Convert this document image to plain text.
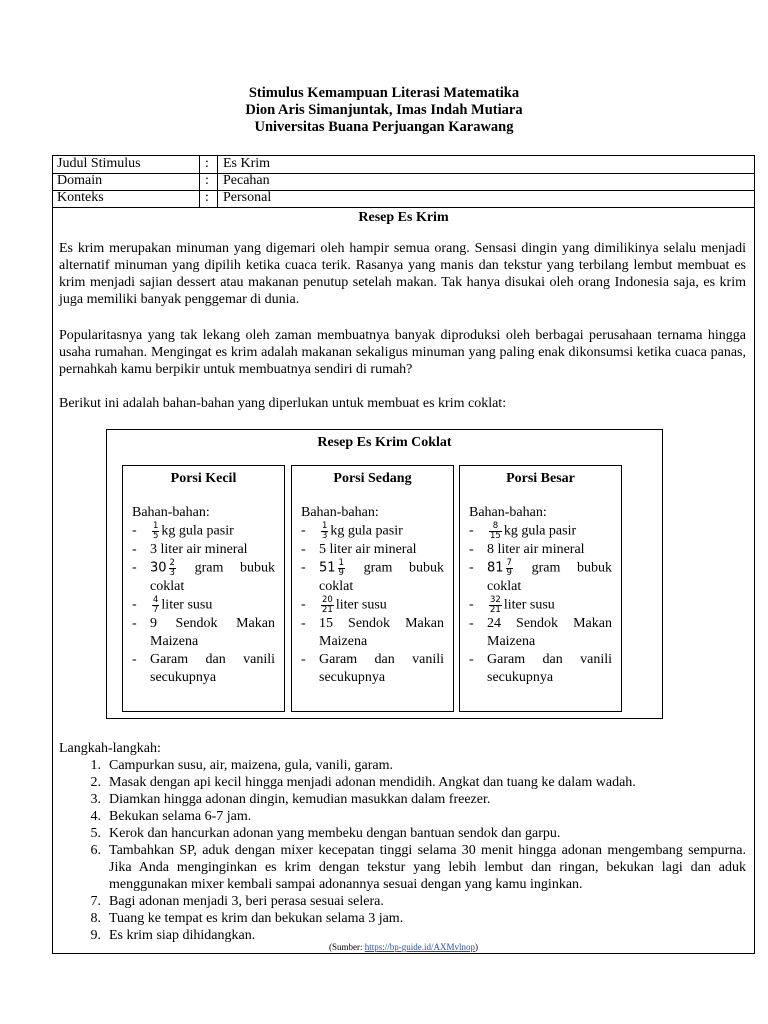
Stimulus Kemampuan Literasi Matematika
Dion Aris Simanjuntak, Imas Indah Mutiara
Universitas Buana Perjuangan Karawang
Judul Stimulus	: Es Krim
Domain	: Pecahan
Konteks	: Personal
Resep Es Krim

Es krim merupakan minuman yang digemari oleh hampir semua orang. Sensasi dingin yang dimilikinya selalu menjadi alternatif minuman yang dipilih ketika cuaca terik. Rasanya yang manis dan tekstur yang terbilang lembut membuat es krim menjadi sajian dessert atau makanan penutup setelah makan. Tak hanya disukai oleh orang Indonesia saja, es krim juga memiliki banyak penggemar di dunia.

Popularitasnya yang tak lekang oleh zaman membuatnya banyak diproduksi oleh berbagai perusahaan ternama hingga usaha rumahan. Mengingat es krim adalah makanan sekaligus minuman yang paling enak dikonsumsi ketika cuaca panas, pernahkah kamu berpikir untuk membuatnya sendiri di rumah?

Berikut ini adalah bahan-bahan yang diperlukan untuk membuat es krim coklat:

Resep Es Krim Coklat
Porsi Kecil
Bahan-bahan:
-	$\frac{1}{5}$ kg gula pasir
- 3 liter air mineral
-	$30 \frac{2}{3}$ gram bubuk coklat
-	$\frac{4}{7}$ liter susu
- 9 Sendok Makan Maizena
- Garam dan vanili secukupnya
Porsi Sedang
Bahan-bahan:
-	$\frac{1}{3}$ kg gula pasir
- 5 liter air mineral
-	$51 \frac{1}{9}$ gram bubuk coklat
-	$\frac{20}{21}$ liter susu
- 15 Sendok Makan Maizena
- Garam dan vanili secukupnya
Porsi Besar
Bahan-bahan:
-	$\frac{8}{15}$ kg gula pasir
- 8 liter air mineral
-	$81 \frac{7}{9}$ gram bubuk coklat
-	$\frac{32}{21}$ liter susu
- 24 Sendok Makan Maizena
- Garam dan vanili secukupnya
Langkah-langkah:
1. Campurkan susu, air, maizena, gula, vanili, garam.
2. Masak dengan api kecil hingga menjadi adonan mendidih. Angkat dan tuang ke dalam wadah.
3. Diamkan hingga adonan dingin, kemudian masukkan dalam freezer.
4. Bekukan selama 6-7 jam.
5. Kerok dan hancurkan adonan yang membeku dengan bantuan sendok dan garpu.
6. Tambahkan SP, aduk dengan mixer kecepatan tinggi selama 30 menit hingga adonan mengembang sempurna. Jika Anda menginginkan es krim dengan tekstur yang lebih lembut dan ringan, bekukan lagi dan aduk menggunakan mixer kembali sampai adonannya sesuai dengan yang kamu inginkan.
7. Bagi adonan menjadi 3, beri perasa sesuai selera.
8. Tuang ke tempat es krim dan bekukan selama 3 jam.
9. Es krim siap dihidangkan.
(Sumber: https://bp-guide.id/AXMvlnop)
